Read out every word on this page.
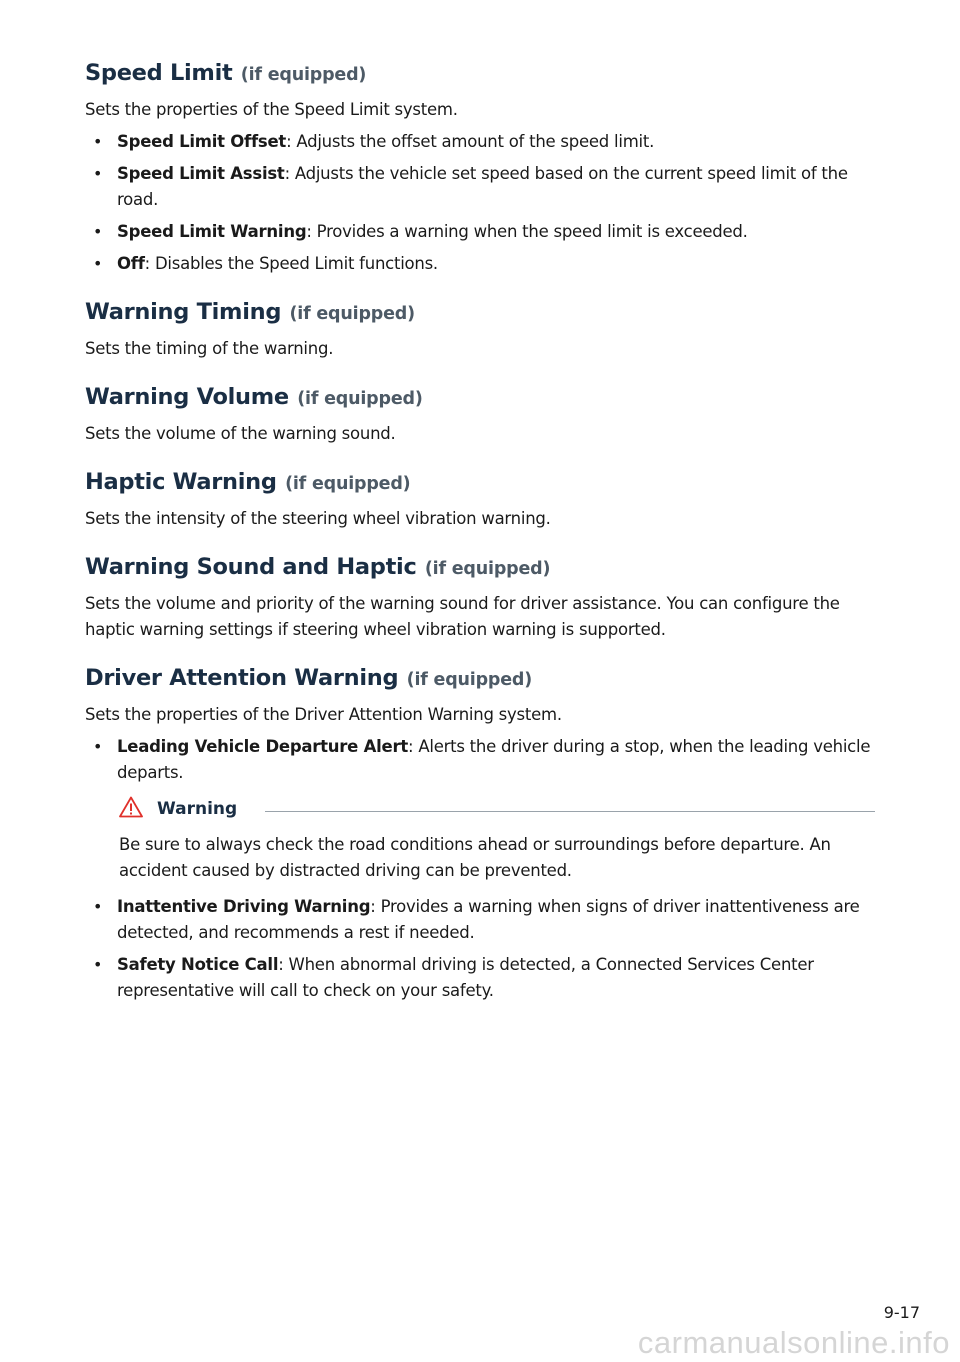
Speed Limit (if equipped)

Sets the properties of the Speed Limit system.

• Speed Limit Offset: Adjusts the offset amount of the speed limit.
• Speed Limit Assist: Adjusts the vehicle set speed based on the current speed limit of the road.
• Speed Limit Warning: Provides a warning when the speed limit is exceeded.
• Off: Disables the Speed Limit functions.
Warning Timing (if equipped)

Sets the timing of the warning.

Warning Volume (if equipped)

Sets the volume of the warning sound.

Haptic Warning (if equipped)

Sets the intensity of the steering wheel vibration warning.

Warning Sound and Haptic (if equipped)

Sets the volume and priority of the warning sound for driver assistance. You can configure the haptic warning settings if steering wheel vibration warning is supported.

Driver Attention Warning (if equipped)

Sets the properties of the Driver Attention Warning system.

• Leading Vehicle Departure Alert: Alerts the driver during a stop, when the leading vehicle departs.
Warning

Be sure to always check the road conditions ahead or surroundings before departure. An accident caused by distracted driving can be prevented.

• Inattentive Driving Warning: Provides a warning when signs of driver inattentiveness are detected, and recommends a rest if needed.
• Safety Notice Call: When abnormal driving is detected, a Connected Services Center representative will call to check on your safety.
9-17
carmanualsonline.info
